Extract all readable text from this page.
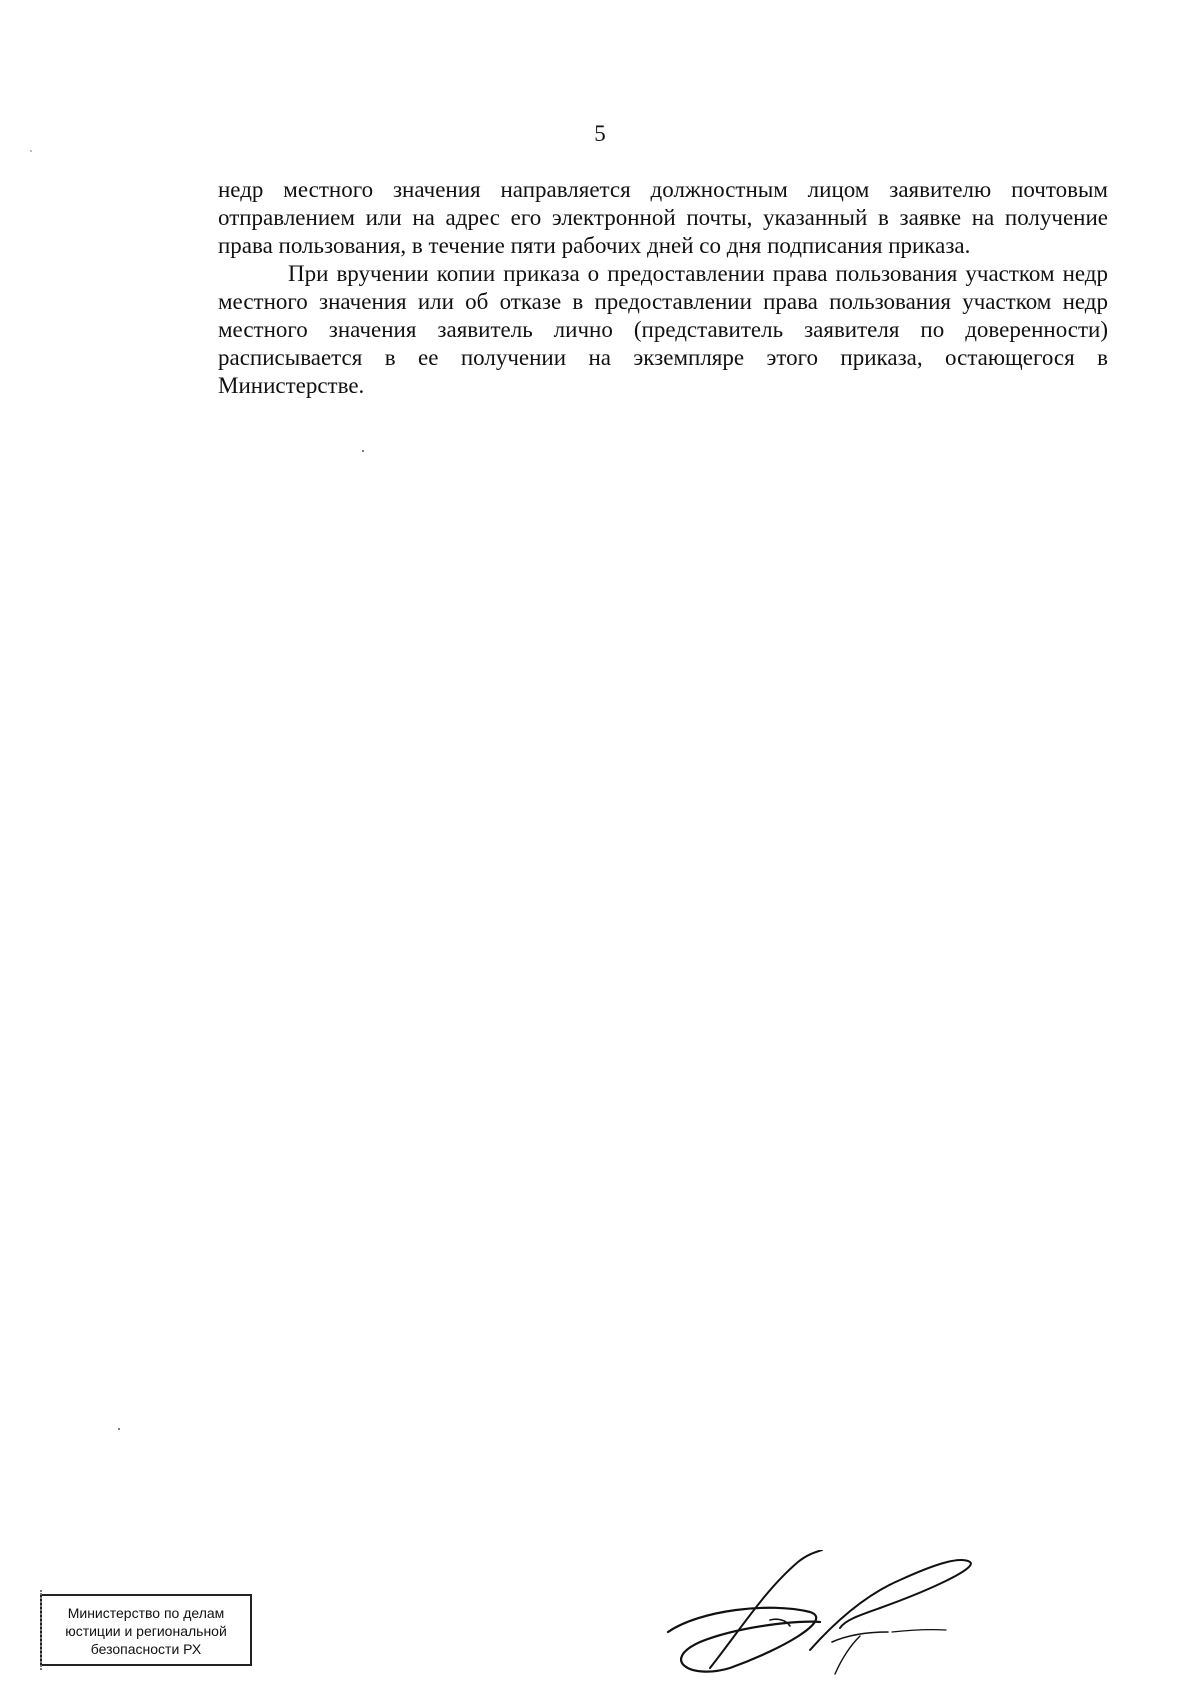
5

недр местного значения направляется должностным лицом заявителю почтовым отправлением или на адрес его электронной почты, указанный в заявке на получение права пользования, в течение пяти рабочих дней со дня подписания приказа.

При вручении копии приказа о предоставлении права пользования участком недр местного значения или об отказе в предоставлении права пользования участком недр местного значения заявитель лично (представитель заявителя по доверенности) расписывается в ее получении на экземпляре этого приказа, остающегося в Министерстве.

Министерство по делам
юстиции и региональной
безопасности РХ
